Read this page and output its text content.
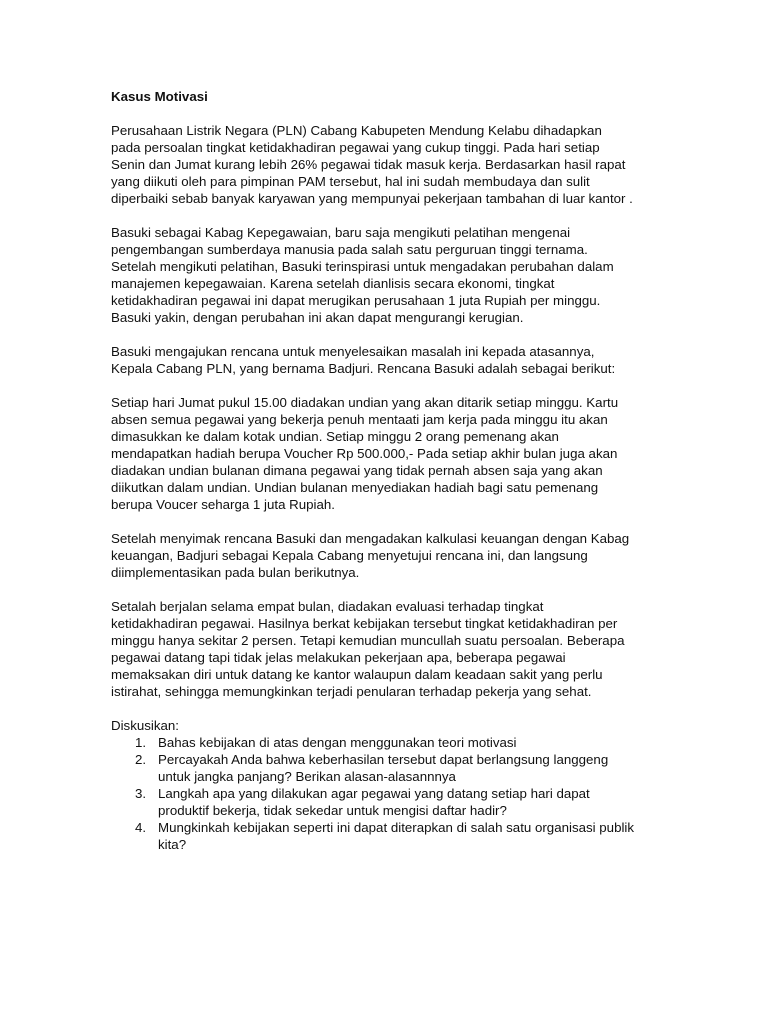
Kasus Motivasi
Perusahaan Listrik Negara (PLN) Cabang Kabupeten Mendung Kelabu dihadapkan
pada persoalan tingkat ketidakhadiran pegawai yang cukup tinggi. Pada hari setiap
Senin dan Jumat kurang lebih 26% pegawai tidak masuk kerja. Berdasarkan hasil rapat
yang diikuti oleh para pimpinan PAM tersebut, hal ini sudah membudaya dan sulit
diperbaiki sebab banyak karyawan yang mempunyai pekerjaan tambahan di luar kantor .
Basuki sebagai Kabag Kepegawaian, baru saja mengikuti pelatihan mengenai
pengembangan sumberdaya manusia pada salah satu perguruan tinggi ternama.
Setelah mengikuti pelatihan, Basuki terinspirasi untuk mengadakan perubahan dalam
manajemen kepegawaian. Karena setelah dianlisis secara ekonomi, tingkat
ketidakhadiran pegawai ini dapat merugikan perusahaan 1 juta Rupiah per minggu.
Basuki yakin, dengan perubahan ini akan dapat mengurangi kerugian.
Basuki mengajukan rencana untuk menyelesaikan masalah ini kepada atasannya,
Kepala Cabang PLN, yang bernama Badjuri. Rencana Basuki adalah sebagai berikut:
Setiap hari Jumat pukul 15.00 diadakan undian yang akan ditarik setiap minggu. Kartu
absen semua pegawai yang bekerja penuh mentaati jam kerja pada minggu itu akan
dimasukkan ke dalam kotak undian. Setiap minggu 2 orang pemenang akan
mendapatkan hadiah berupa Voucher Rp 500.000,- Pada setiap akhir bulan juga akan
diadakan undian bulanan dimana pegawai yang tidak pernah absen saja yang akan
diikutkan dalam undian. Undian bulanan menyediakan hadiah bagi satu pemenang
berupa Voucer seharga 1 juta Rupiah.
Setelah menyimak rencana Basuki dan mengadakan kalkulasi keuangan dengan Kabag
keuangan, Badjuri sebagai Kepala Cabang menyetujui rencana ini, dan langsung
diimplementasikan pada bulan berikutnya.
Setalah berjalan selama empat bulan, diadakan evaluasi terhadap tingkat
ketidakhadiran pegawai. Hasilnya berkat kebijakan tersebut tingkat ketidakhadiran per
minggu hanya sekitar 2 persen. Tetapi kemudian muncullah suatu persoalan. Beberapa
pegawai datang tapi tidak jelas melakukan pekerjaan apa, beberapa pegawai
memaksakan diri untuk datang ke kantor walaupun dalam keadaan sakit yang perlu
istirahat, sehingga memungkinkan terjadi penularan terhadap pekerja yang sehat.
Diskusikan:
1. Bahas kebijakan di atas dengan menggunakan teori motivasi
2. Percayakah Anda bahwa keberhasilan tersebut dapat berlangsung langgeng
untuk jangka panjang? Berikan alasan-alasannnya
3. Langkah apa yang dilakukan agar pegawai yang datang setiap hari dapat
produktif bekerja, tidak sekedar untuk mengisi daftar hadir?
4. Mungkinkah kebijakan seperti ini dapat diterapkan di salah satu organisasi publik
kita?
